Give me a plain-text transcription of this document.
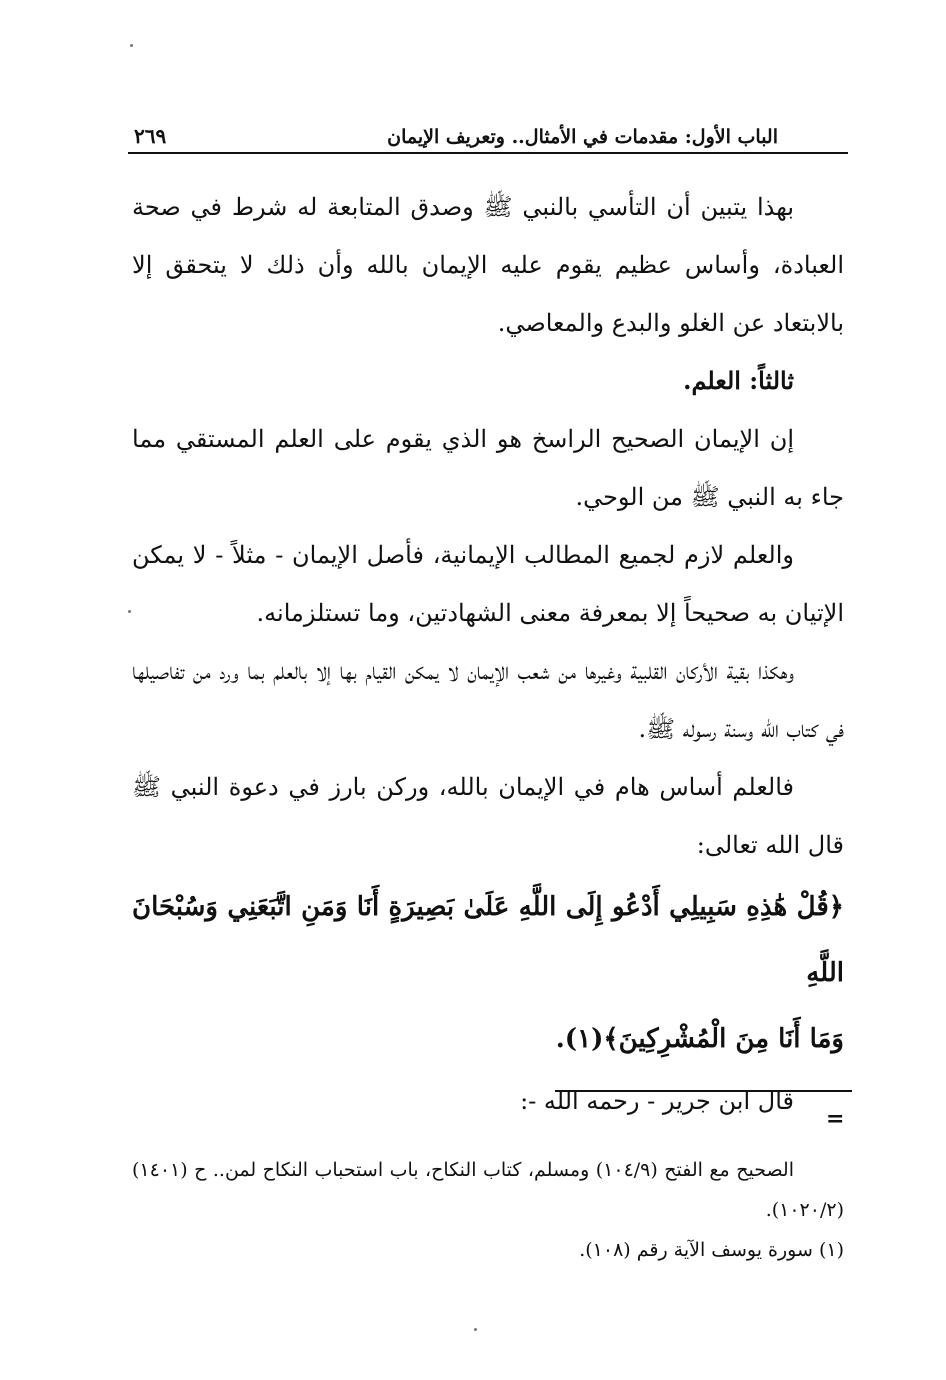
الباب الأول: مقدمات في الأمثال.. وتعريف الإيمان
٢٦٩

بهذا يتبين أن التأسي بالنبي ﷺ وصدق المتابعة له شرط في صحة العبادة، وأساس عظيم يقوم عليه الإيمان بالله وأن ذلك لا يتحقق إلا بالابتعاد عن الغلو والبدع والمعاصي.

ثالثاً: العلم.

إن الإيمان الصحيح الراسخ هو الذي يقوم على العلم المستقي مما جاء به النبي ﷺ من الوحي.

والعلم لازم لجميع المطالب الإيمانية، فأصل الإيمان - مثلاً - لا يمكن الإتيان به صحيحاً إلا بمعرفة معنى الشهادتين، وما تستلزمانه.

وهكذا بقية الأركان القلبية وغيرها من شعب الإيمان لا يمكن القيام بها إلا بالعلم بما ورد من تفاصيلها في كتاب الله وسنة رسوله ﷺ.

فالعلم أساس هام في الإيمان بالله، وركن بارز في دعوة النبي ﷺ قال الله تعالى:

﴿قُلْ هَٰذِهِ سَبِيلِي أَدْعُو إِلَى اللَّهِ عَلَىٰ بَصِيرَةٍ أَنَا وَمَنِ اتَّبَعَنِي وَسُبْحَانَ اللَّهِ

وَمَا أَنَا مِنَ الْمُشْرِكِينَ﴾(١).

قال ابن جرير - رحمه الله -:

=

الصحيح مع الفتح (١٠٤/٩) ومسلم، كتاب النكاح، باب استحباب النكاح لمن.. ح (١٤٠١) (١٠٢٠/٢).

(١) سورة يوسف الآية رقم (١٠٨).
